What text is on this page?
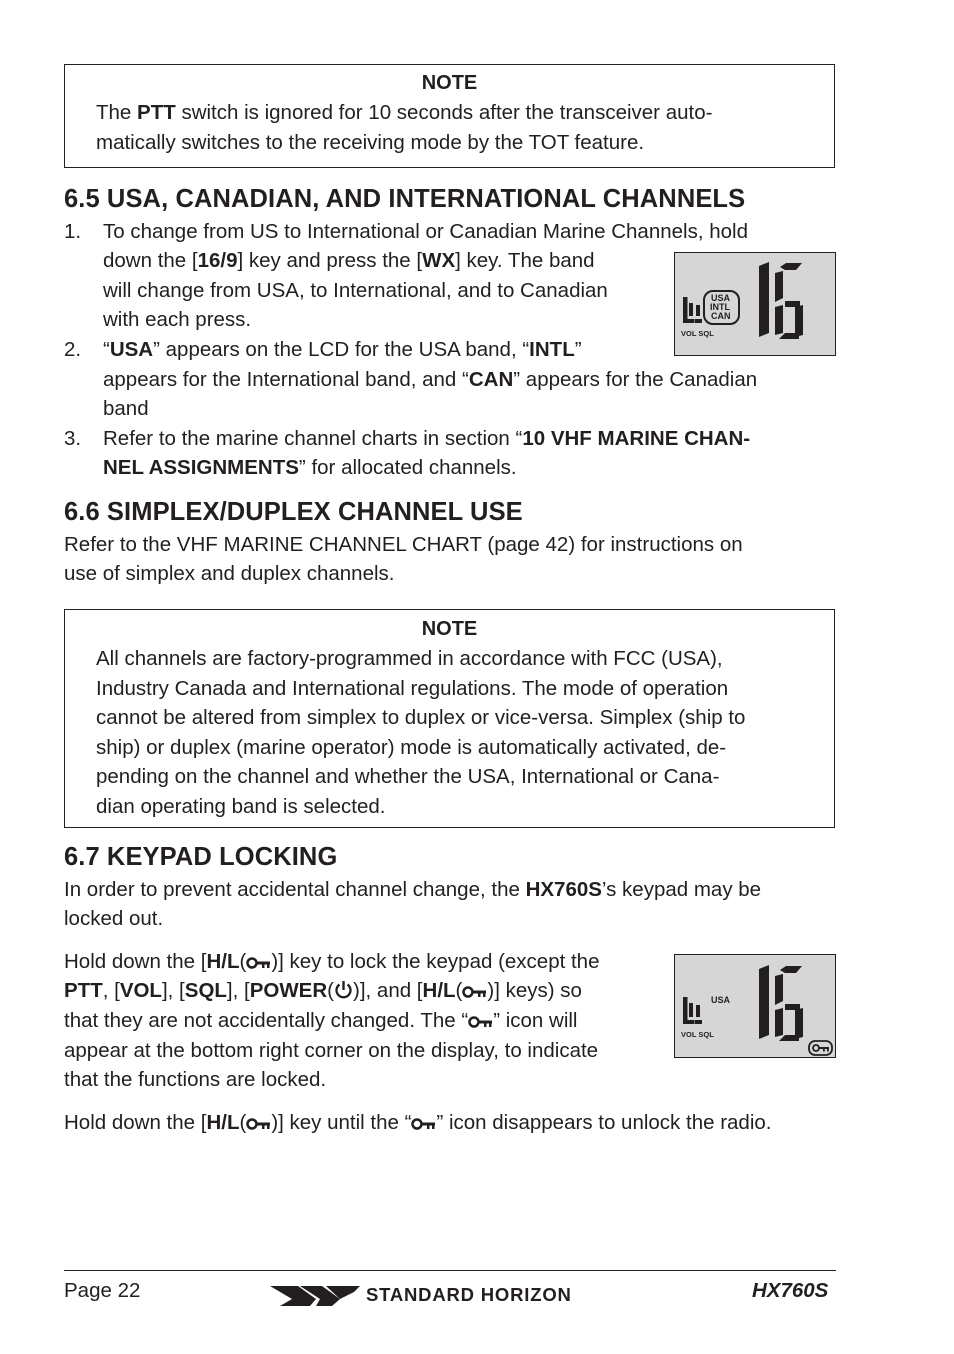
NOTE
The PTT switch is ignored for 10 seconds after the transceiver auto-
matically switches to the receiving mode by the TOT feature.
6.5 USA, CANADIAN, AND INTERNATIONAL CHANNELS
1. To change from US to International or Canadian Marine Channels, hold
down the [16/9] key and press the [WX] key. The band
will change from USA, to International, and to Canadian
with each press.
2. “USA” appears on the LCD for the USA band, “INTL”
appears for the International band, and “CAN” appears for the Canadian
band
3. Refer to the marine channel charts in section “10 VHF MARINE CHAN-
NEL ASSIGNMENTS” for allocated channels.
USA
INTL
CAN
VOL SQL
6.6 SIMPLEX/DUPLEX CHANNEL USE
Refer to the VHF MARINE CHANNEL CHART (page 42) for instructions on
use of simplex and duplex channels.
NOTE
All channels are factory-programmed in accordance with FCC (USA),
Industry Canada and International regulations. The mode of operation
cannot be altered from simplex to duplex or vice-versa. Simplex (ship to
ship) or duplex (marine operator) mode is automatically activated, de-
pending on the channel and whether the USA, International or Cana-
dian operating band is selected.
6.7 KEYPAD LOCKING
In order to prevent accidental channel change, the HX760S’s keypad may be
locked out.
Hold down the [H/L( )] key to lock the keypad (except the
PTT, [VOL], [SQL], [POWER( )], and [H/L( )] keys) so
that they are not accidentally changed. The “ ” icon will
appear at the bottom right corner on the display, to indicate
that the functions are locked.
USA
VOL SQL
Hold down the [H/L( )] key until the “ ” icon disappears to unlock the radio.
Page 22	STANDARD HORIZON	HX760S
